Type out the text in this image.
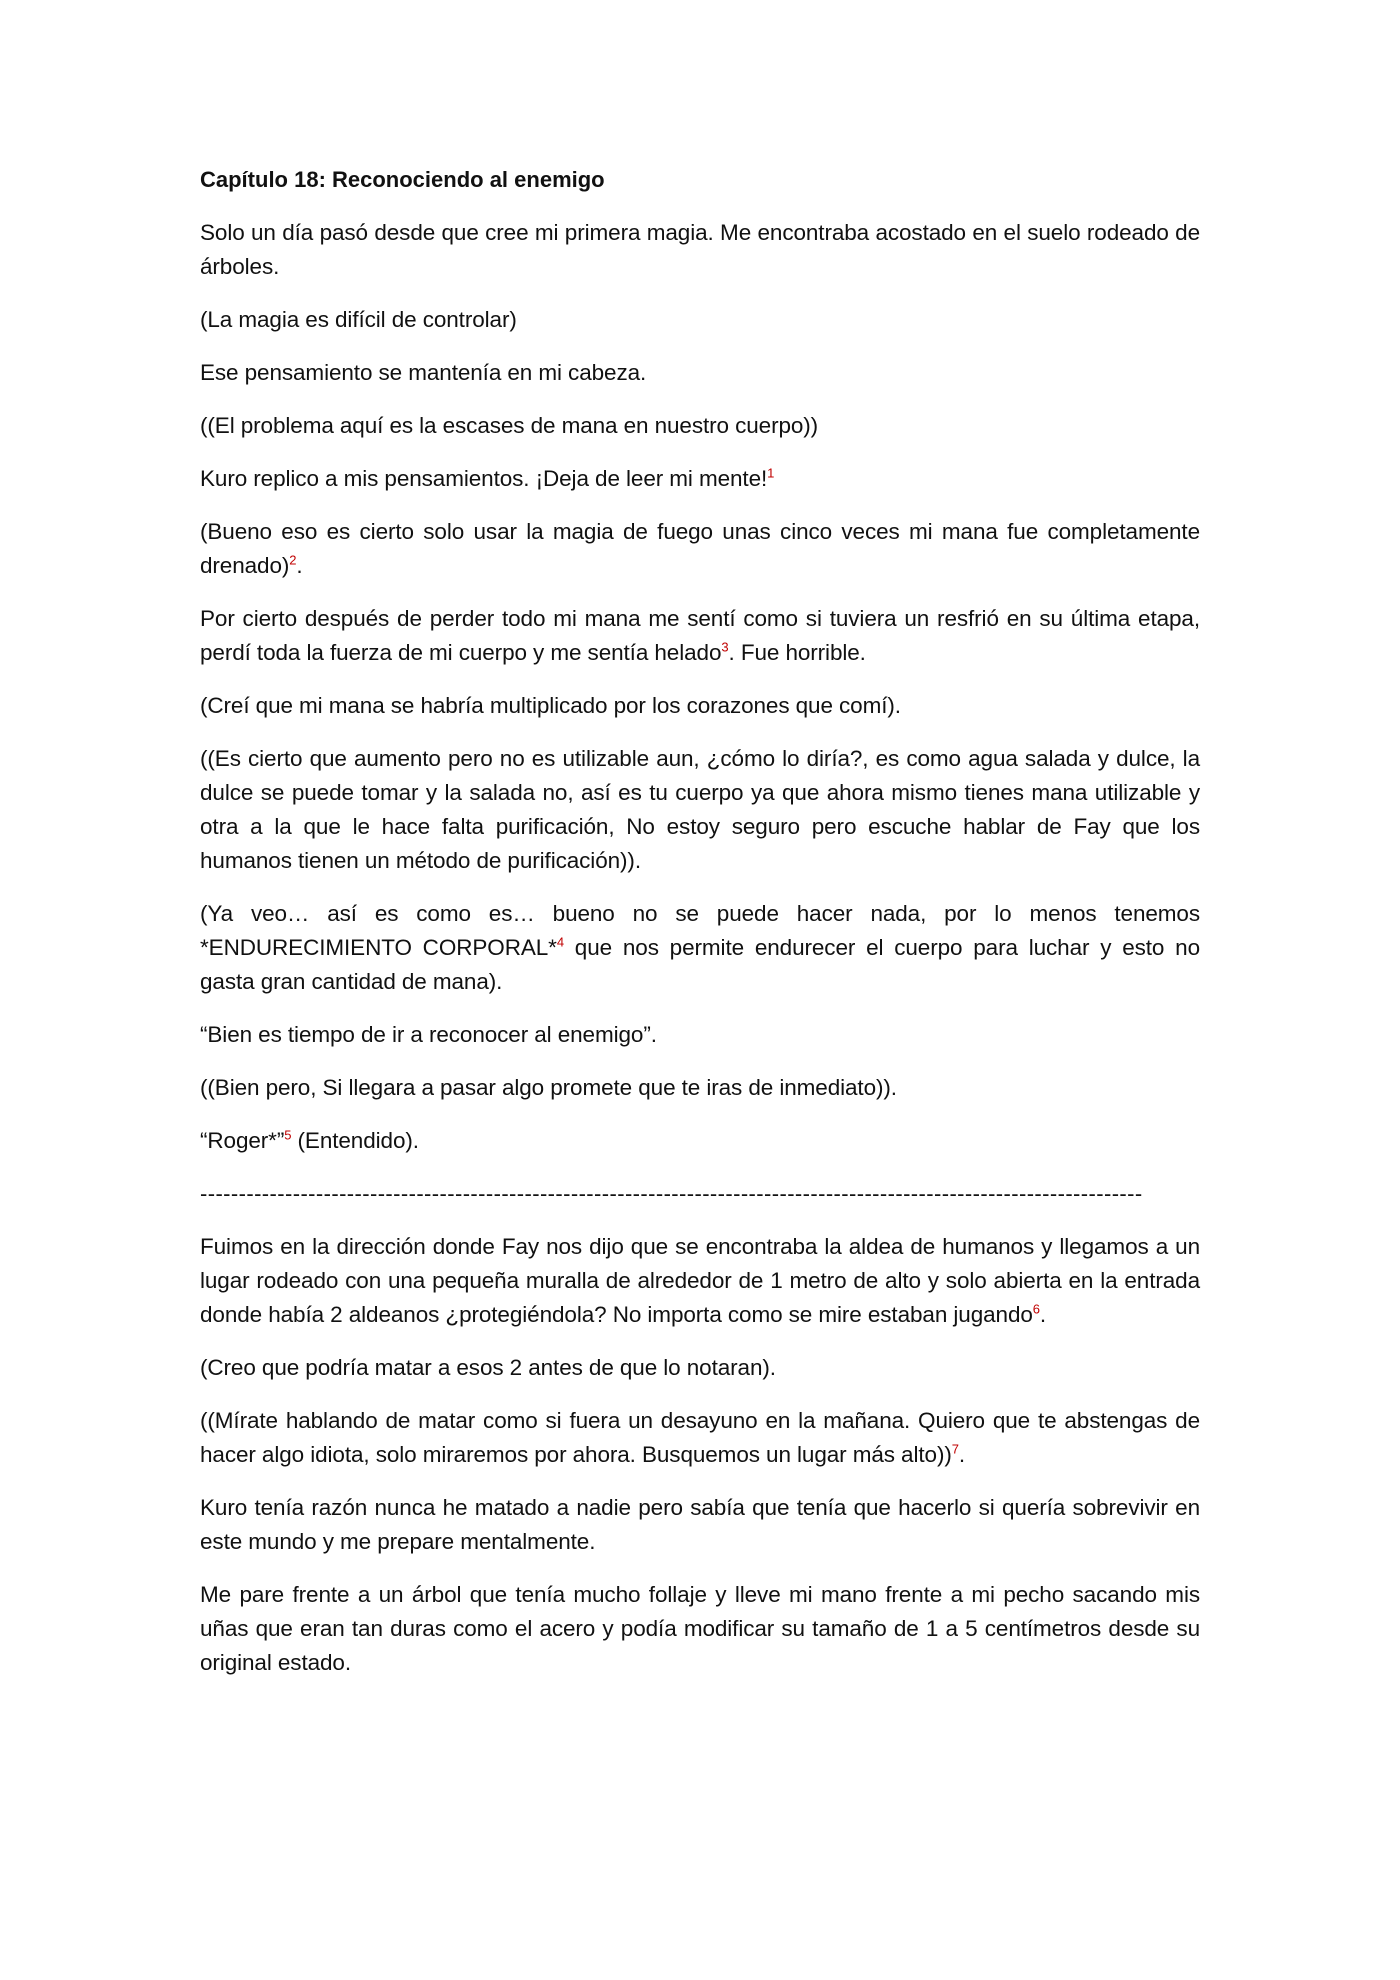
Capítulo 18: Reconociendo al enemigo
Solo un día pasó desde que cree mi primera magia. Me encontraba acostado en el suelo rodeado de árboles.
(La magia es difícil de controlar)
Ese pensamiento se mantenía en mi cabeza.
((El problema aquí es la escases de mana en nuestro cuerpo))
Kuro replico a mis pensamientos. ¡Deja de leer mi mente!$^1$
(Bueno eso es cierto solo usar la magia de fuego unas cinco veces mi mana fue completamente drenado)$^2$.
Por cierto después de perder todo mi mana me sentí como si tuviera un resfrió en su última etapa, perdí toda la fuerza de mi cuerpo y me sentía helado$^3$. Fue horrible.
(Creí que mi mana se habría multiplicado por los corazones que comí).
((Es cierto que aumento pero no es utilizable aun, ¿cómo lo diría?, es como agua salada y dulce, la dulce se puede tomar y la salada no, así es tu cuerpo ya que ahora mismo tienes mana utilizable y otra a la que le hace falta purificación, No estoy seguro pero escuche hablar de Fay que los humanos tienen un método de purificación)).
(Ya veo… así es como es… bueno no se puede hacer nada, por lo menos tenemos *ENDURECIMIENTO CORPORAL*$^4$ que nos permite endurecer el cuerpo para luchar y esto no gasta gran cantidad de mana).
“Bien es tiempo de ir a reconocer al enemigo”.
((Bien pero, Si llegara a pasar algo promete que te iras de inmediato)).
“Roger*”$^5$ (Entendido).
--------------------------------------------------------------------------------------------------------------------------
Fuimos en la dirección donde Fay nos dijo que se encontraba la aldea de humanos y llegamos a un lugar rodeado con una pequeña muralla de alrededor de 1 metro de alto y solo abierta en la entrada donde había 2 aldeanos ¿protegiéndola? No importa como se mire estaban jugando$^6$.
(Creo que podría matar a esos 2 antes de que lo notaran).
((Mírate hablando de matar como si fuera un desayuno en la mañana. Quiero que te abstengas de hacer algo idiota, solo miraremos por ahora. Busquemos un lugar más alto))$^7$.
Kuro tenía razón nunca he matado a nadie pero sabía que tenía que hacerlo si quería sobrevivir en este mundo y me prepare mentalmente.
Me pare frente a un árbol que tenía mucho follaje y lleve mi mano frente a mi pecho sacando mis uñas que eran tan duras como el acero y podía modificar su tamaño de 1 a 5 centímetros desde su original estado.
